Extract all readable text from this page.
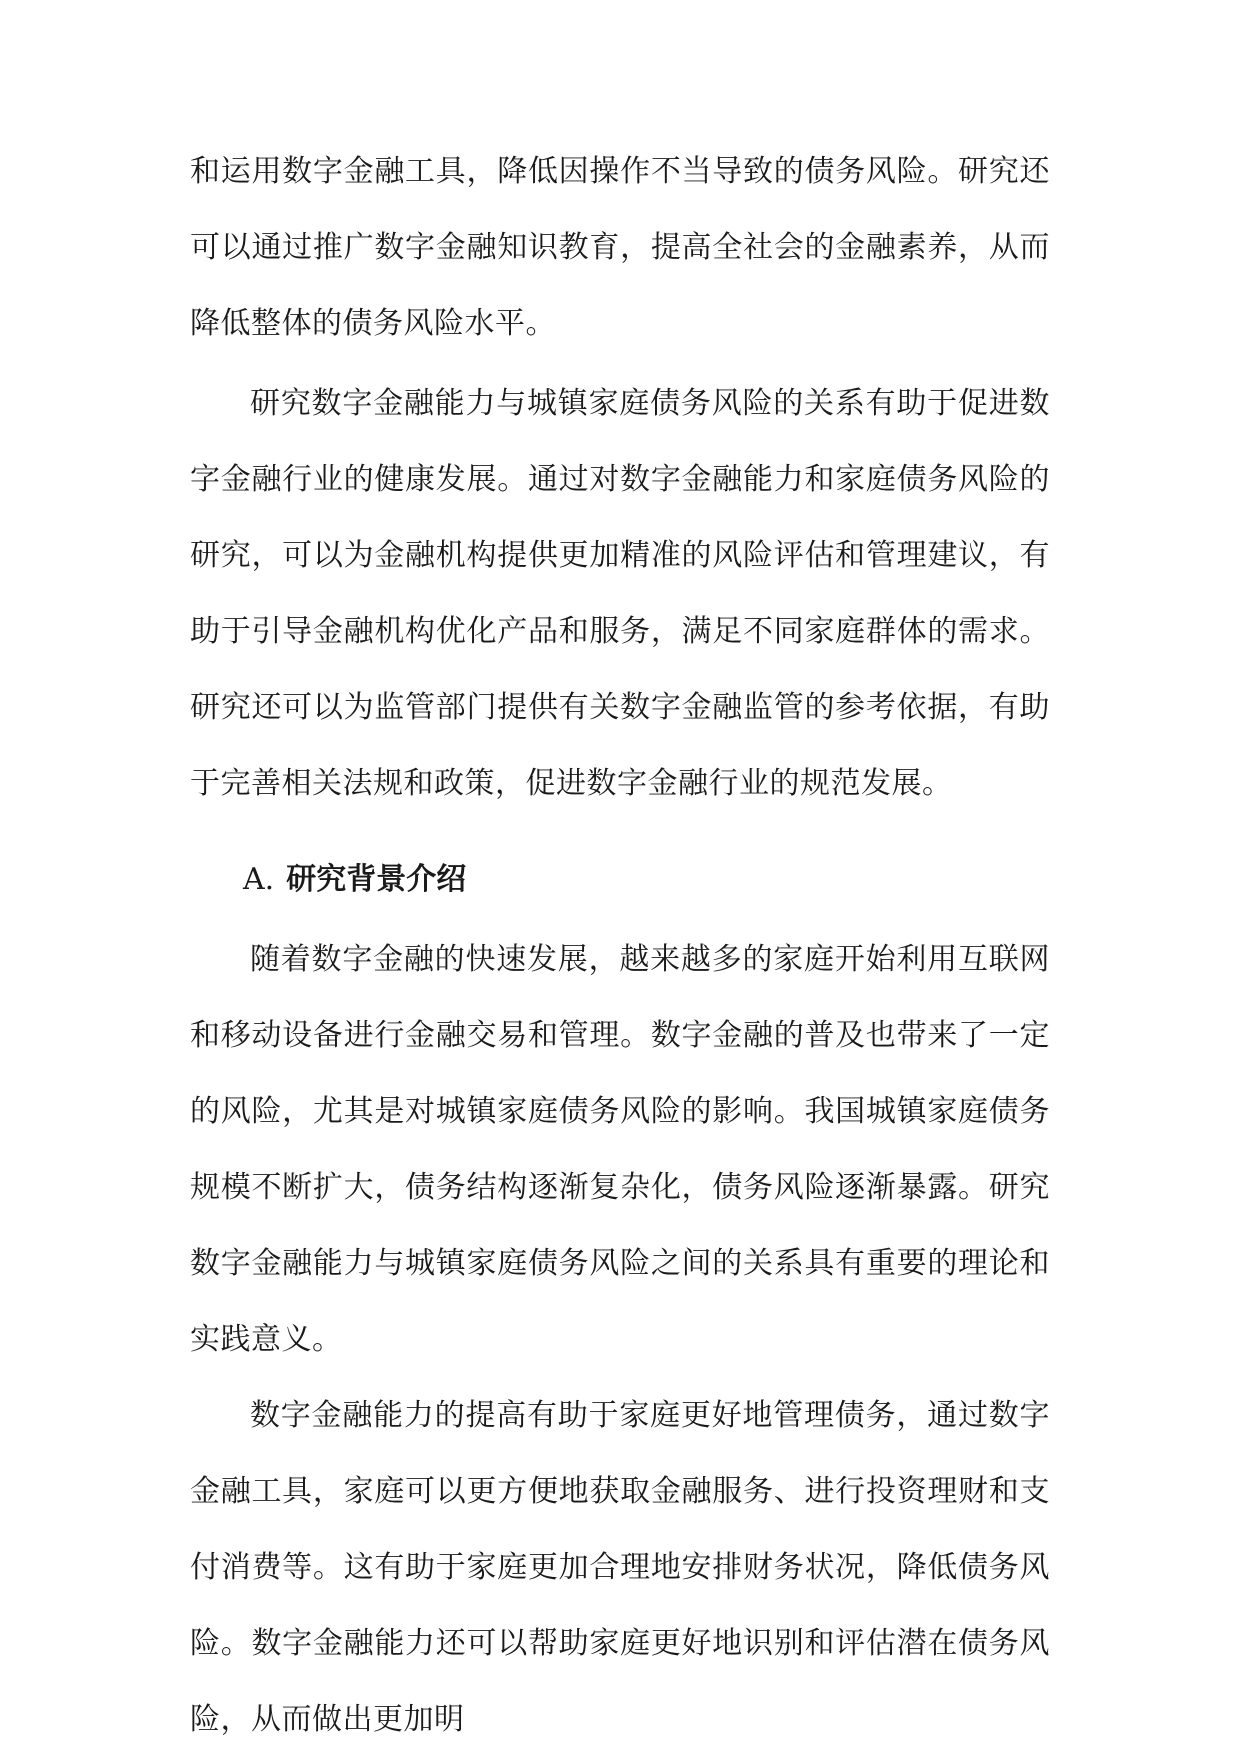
和运用数字金融工具，降低因操作不当导致的债务风险。研究还可以通过推广数字金融知识教育，提高全社会的金融素养，从而降低整体的债务风险水平。

研究数字金融能力与城镇家庭债务风险的关系有助于促进数字金融行业的健康发展。通过对数字金融能力和家庭债务风险的研究，可以为金融机构提供更加精准的风险评估和管理建议，有助于引导金融机构优化产品和服务，满足不同家庭群体的需求。研究还可以为监管部门提供有关数字金融监管的参考依据，有助于完善相关法规和政策，促进数字金融行业的规范发展。

A. 研究背景介绍

随着数字金融的快速发展，越来越多的家庭开始利用互联网和移动设备进行金融交易和管理。数字金融的普及也带来了一定的风险，尤其是对城镇家庭债务风险的影响。我国城镇家庭债务规模不断扩大，债务结构逐渐复杂化，债务风险逐渐暴露。研究数字金融能力与城镇家庭债务风险之间的关系具有重要的理论和实践意义。

数字金融能力的提高有助于家庭更好地管理债务，通过数字金融工具，家庭可以更方便地获取金融服务、进行投资理财和支付消费等。这有助于家庭更加合理地安排财务状况，降低债务风险。数字金融能力还可以帮助家庭更好地识别和评估潜在债务风险，从而做出更加明
